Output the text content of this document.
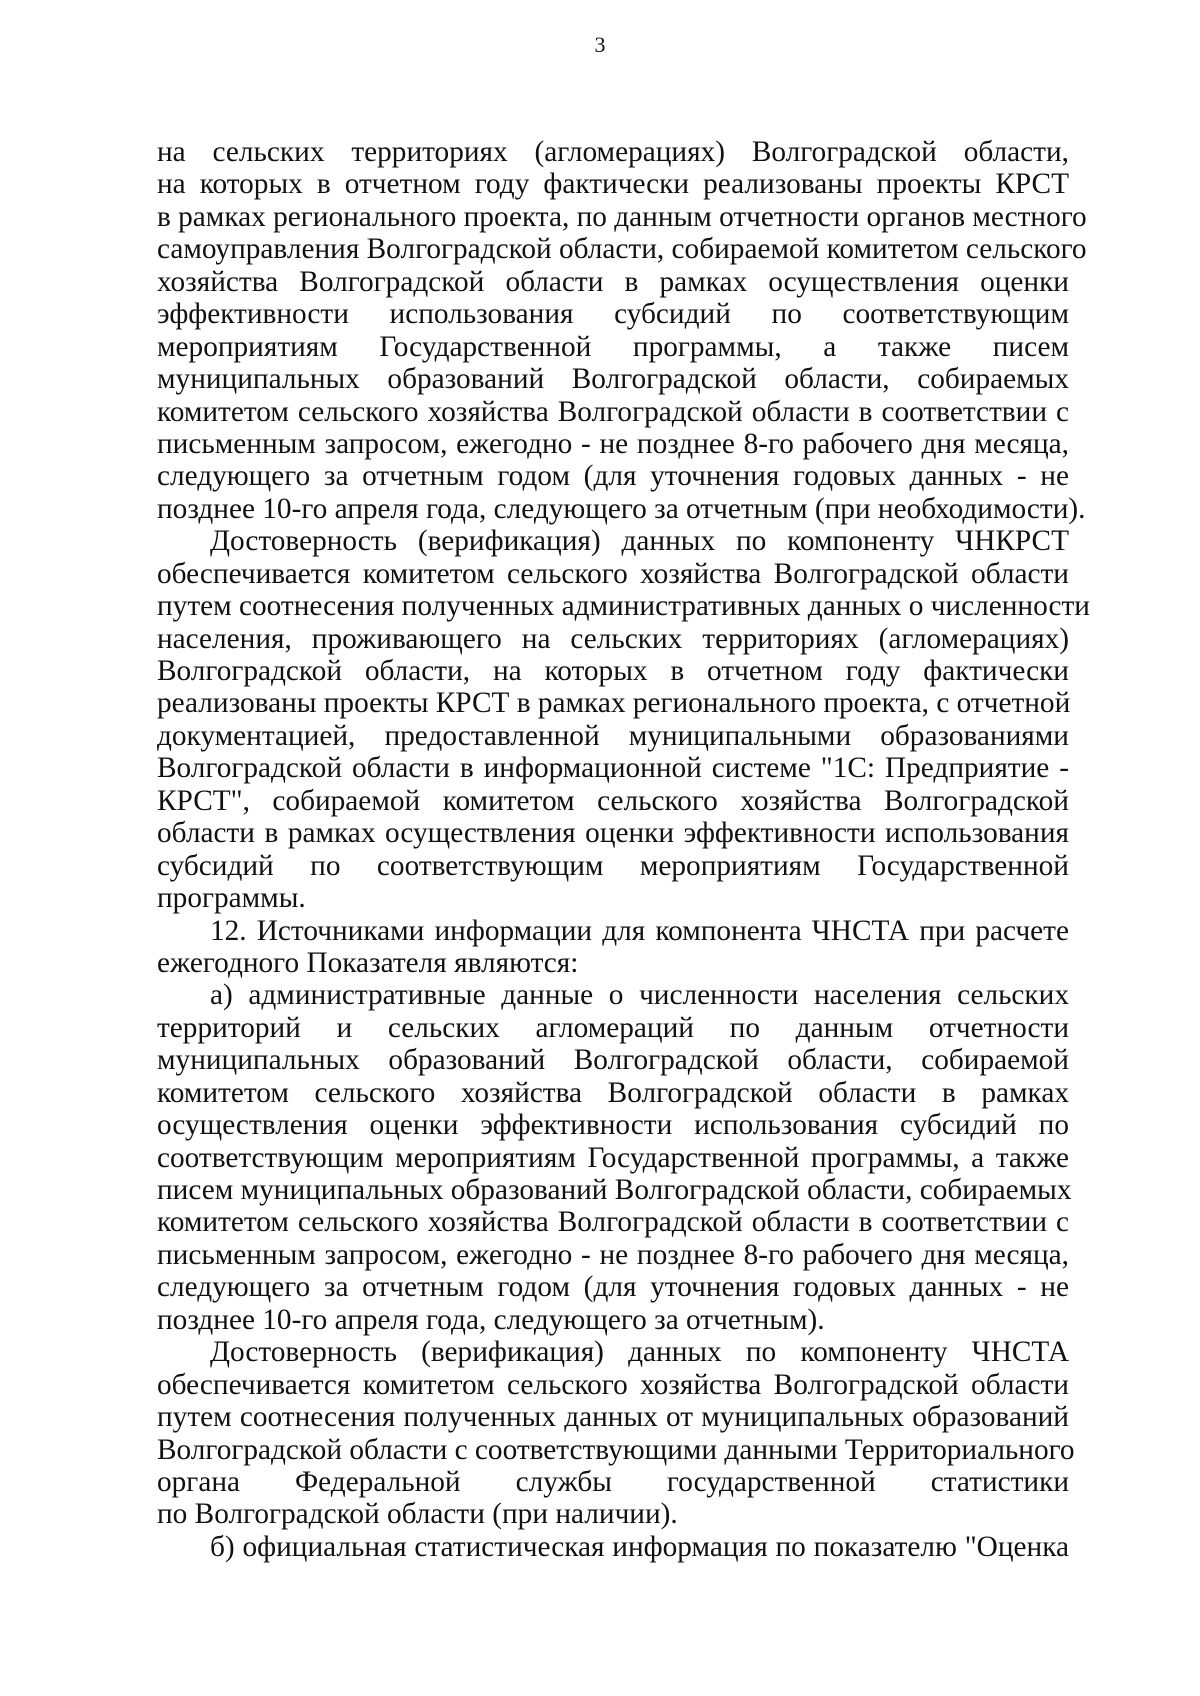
3
на сельских территориях (агломерациях) Волгоградской области,
на которых в отчетном году фактически реализованы проекты КРСТ
в рамках регионального проекта, по данным отчетности органов местного
самоуправления Волгоградской области, собираемой комитетом сельского
хозяйства Волгоградской области в рамках осуществления оценки
эффективности использования субсидий по соответствующим
мероприятиям Государственной программы, а также писем
муниципальных образований Волгоградской области, собираемых
комитетом сельского хозяйства Волгоградской области в соответствии с
письменным запросом, ежегодно - не позднее 8-го рабочего дня месяца,
следующего за отчетным годом (для уточнения годовых данных - не
позднее 10-го апреля года, следующего за отчетным (при необходимости).
Достоверность (верификация) данных по компоненту ЧНКРСТ
обеспечивается комитетом сельского хозяйства Волгоградской области
путем соотнесения полученных административных данных о численности
населения, проживающего на сельских территориях (агломерациях)
Волгоградской области, на которых в отчетном году фактически
реализованы проекты КРСТ в рамках регионального проекта, с отчетной
документацией, предоставленной муниципальными образованиями
Волгоградской области в информационной системе "1С: Предприятие -
КРСТ", собираемой комитетом сельского хозяйства Волгоградской
области в рамках осуществления оценки эффективности использования
субсидий по соответствующим мероприятиям Государственной
программы.
12. Источниками информации для компонента ЧНСТА при расчете
ежегодного Показателя являются:
а) административные данные о численности населения сельских
территорий и сельских агломераций по данным отчетности
муниципальных образований Волгоградской области, собираемой
комитетом сельского хозяйства Волгоградской области в рамках
осуществления оценки эффективности использования субсидий по
соответствующим мероприятиям Государственной программы, а также
писем муниципальных образований Волгоградской области, собираемых
комитетом сельского хозяйства Волгоградской области в соответствии с
письменным запросом, ежегодно - не позднее 8-го рабочего дня месяца,
следующего за отчетным годом (для уточнения годовых данных - не
позднее 10-го апреля года, следующего за отчетным).
Достоверность (верификация) данных по компоненту ЧНСТА
обеспечивается комитетом сельского хозяйства Волгоградской области
путем соотнесения полученных данных от муниципальных образований
Волгоградской области с соответствующими данными Территориального
органа Федеральной службы государственной статистики
по Волгоградской области (при наличии).
б) официальная статистическая информация по показателю "Оценка
